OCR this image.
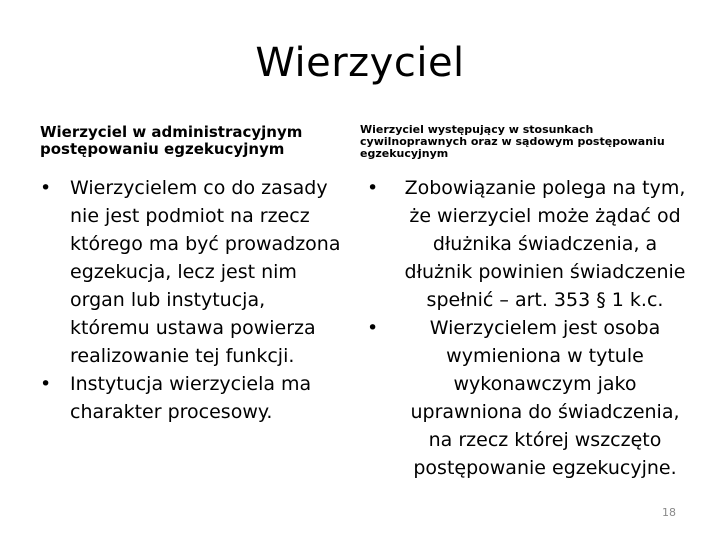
Wierzyciel
Wierzyciel w administracyjnym postępowaniu egzekucyjnym
• Wierzycielem co do zasady nie jest podmiot na rzecz którego ma być prowadzona egzekucja, lecz jest nim organ lub instytucja, któremu ustawa powierza realizowanie tej funkcji.
• Instytucja wierzyciela ma charakter procesowy.
Wierzyciel występujący w stosunkach cywilnoprawnych oraz w sądowym postępowaniu egzekucyjnym
• Zobowiązanie polega na tym, że wierzyciel może żądać od dłużnika świadczenia, a dłużnik powinien świadczenie spełnić – art. 353 § 1 k.c.
•	Wierzycielem jest osoba wymieniona w tytule wykonawczym jako uprawniona do świadczenia, na rzecz której wszczęto postępowanie egzekucyjne.
18
